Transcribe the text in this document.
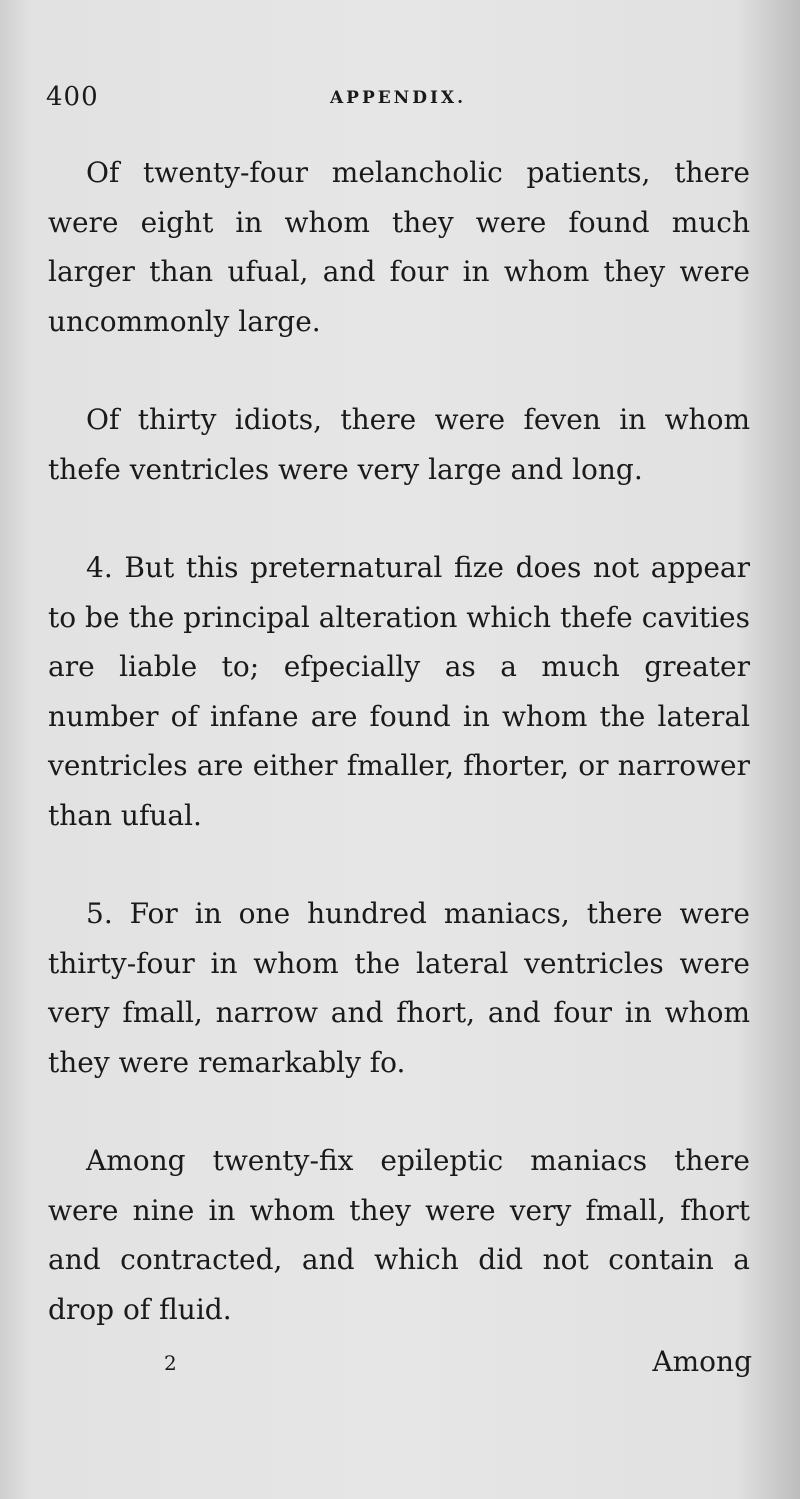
400	APPENDIX.

Of twenty-four melancholic patients, there were eight in whom they were found much larger than ufual, and four in whom they were uncommonly large.

Of thirty idiots, there were feven in whom thefe ventricles were very large and long.

4. But this preternatural fize does not appear to be the principal alteration which thefe cavities are liable to; efpecially as a much greater number of infane are found in whom the lateral ventricles are either fmaller, fhorter, or narrower than ufual.

5. For in one hundred maniacs, there were thirty-four in whom the lateral ventricles were very fmall, narrow and fhort, and four in whom they were remarkably fo.

Among twenty-fix epileptic maniacs there were nine in whom they were very fmall, fhort and contracted, and which did not contain a drop of fluid.

2	Among
